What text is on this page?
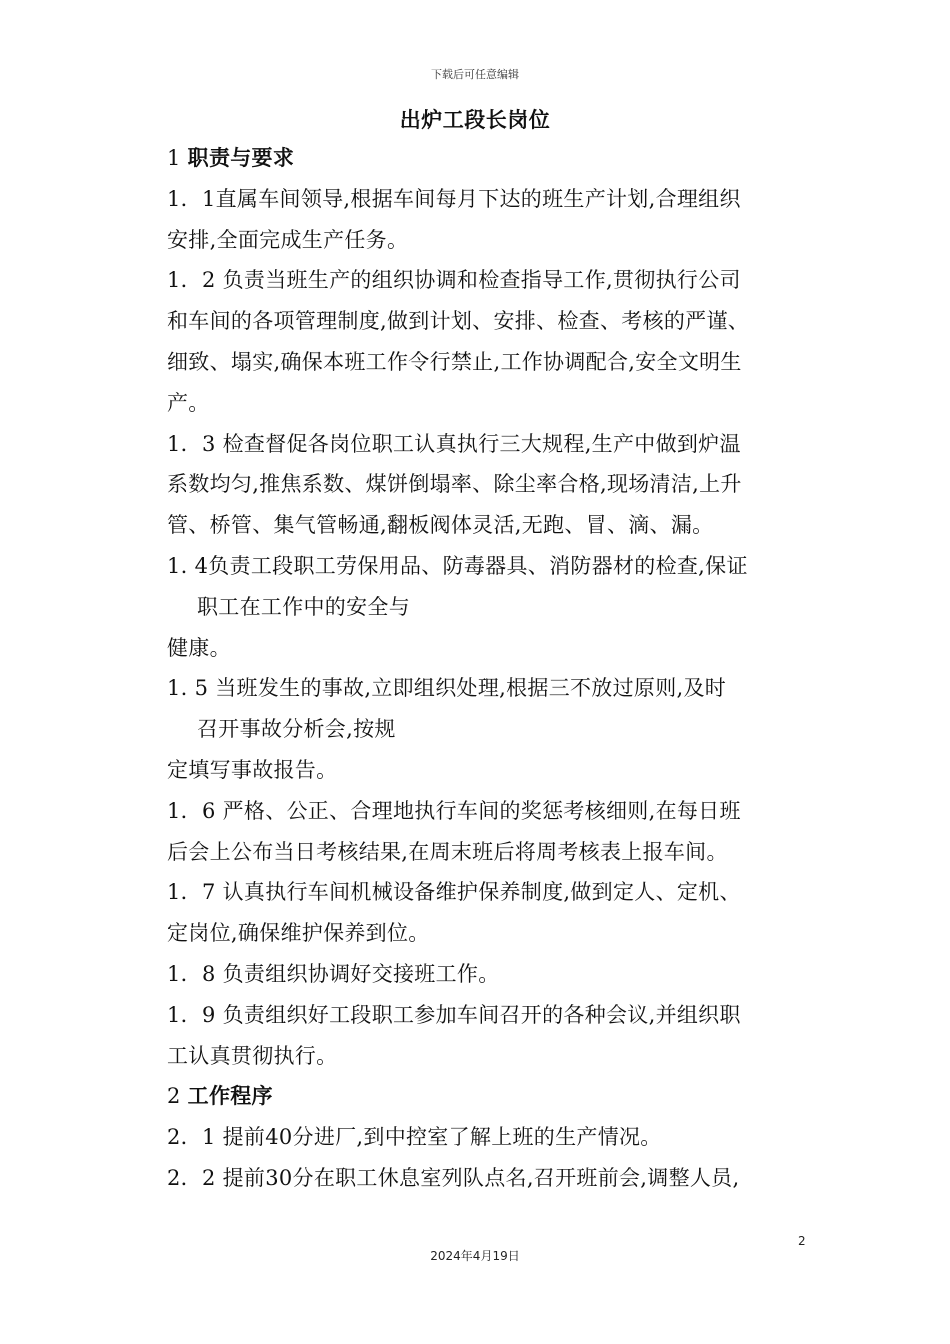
下载后可任意编辑
出炉工段长岗位
1 职责与要求
1．1直属车间领导,根据车间每月下达的班生产计划,合理组织
安排,全面完成生产任务。
1．2 负责当班生产的组织协调和检查指导工作,贯彻执行公司
和车间的各项管理制度,做到计划、安排、检查、考核的严谨、
细致、塌实,确保本班工作令行禁止,工作协调配合,安全文明生
产。
1．3 检查督促各岗位职工认真执行三大规程,生产中做到炉温
系数均匀,推焦系数、煤饼倒塌率、除尘率合格,现场清洁,上升
管、桥管、集气管畅通,翻板阀体灵活,无跑、冒、滴、漏。
1. 4负责工段职工劳保用品、防毒器具、消防器材的检查,保证
职工在工作中的安全与
健康。
1. 5 当班发生的事故,立即组织处理,根据三不放过原则,及时
召开事故分析会,按规
定填写事故报告。
1．6 严格、公正、合理地执行车间的奖惩考核细则,在每日班
后会上公布当日考核结果,在周末班后将周考核表上报车间。
1．7 认真执行车间机械设备维护保养制度,做到定人、定机、
定岗位,确保维护保养到位。
1．8 负责组织协调好交接班工作。
1．9 负责组织好工段职工参加车间召开的各种会议,并组织职
工认真贯彻执行。
2 工作程序
2．1 提前40分进厂,到中控室了解上班的生产情况。
2．2 提前30分在职工休息室列队点名,召开班前会,调整人员,
2
2024年4月19日
